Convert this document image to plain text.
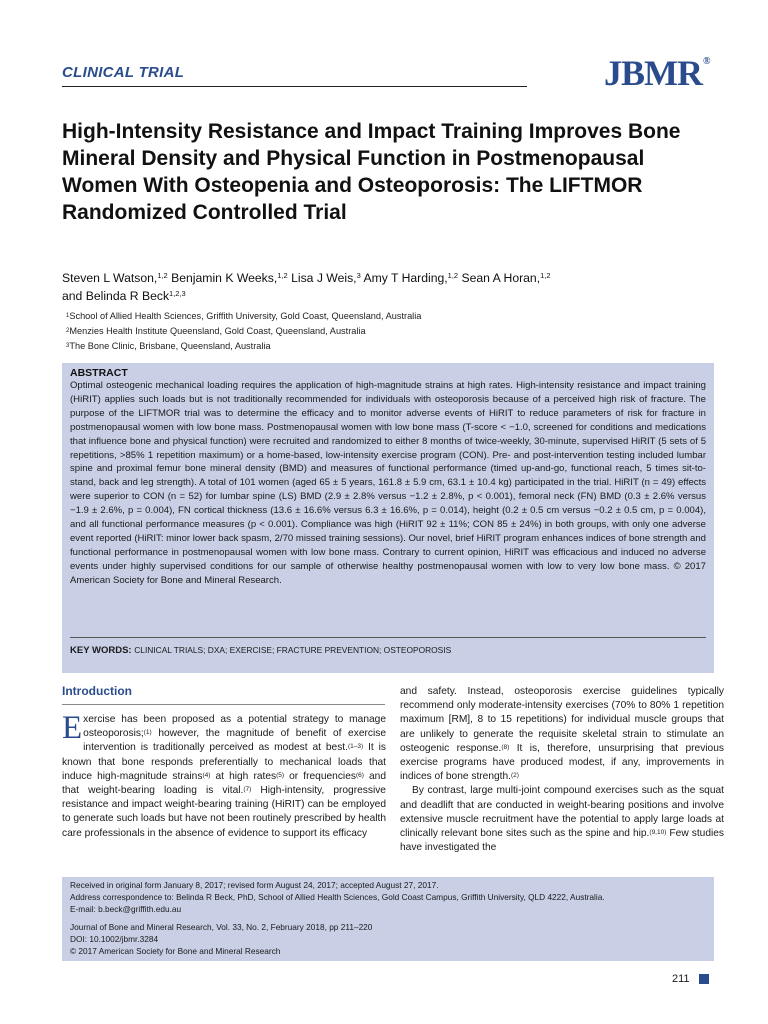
CLINICAL TRIAL	JBMR®
High-Intensity Resistance and Impact Training Improves Bone Mineral Density and Physical Function in Postmenopausal Women With Osteopenia and Osteoporosis: The LIFTMOR Randomized Controlled Trial
Steven L Watson,$^{1,2}$ Benjamin K Weeks,$^{1,2}$ Lisa J Weis,$^3$ Amy T Harding,$^{1,2}$ Sean A Horan,$^{1,2}$
and Belinda R Beck$^{1,2,3}$
$^1$School of Allied Health Sciences, Griffith University, Gold Coast, Queensland, Australia
$^2$Menzies Health Institute Queensland, Gold Coast, Queensland, Australia
$^3$The Bone Clinic, Brisbane, Queensland, Australia
ABSTRACT

Optimal osteogenic mechanical loading requires the application of high-magnitude strains at high rates. High-intensity resistance and impact training (HiRIT) applies such loads but is not traditionally recommended for individuals with osteoporosis because of a perceived high risk of fracture. The purpose of the LIFTMOR trial was to determine the efficacy and to monitor adverse events of HiRIT to reduce parameters of risk for fracture in postmenopausal women with low bone mass. Postmenopausal women with low bone mass (T-score < −1.0, screened for conditions and medications that influence bone and physical function) were recruited and randomized to either 8 months of twice-weekly, 30-minute, supervised HiRIT (5 sets of 5 repetitions, >85% 1 repetition maximum) or a home-based, low-intensity exercise program (CON). Pre- and post-intervention testing included lumbar spine and proximal femur bone mineral density (BMD) and measures of functional performance (timed up-and-go, functional reach, 5 times sit-to-stand, back and leg strength). A total of 101 women (aged 65 ± 5 years, 161.8 ± 5.9 cm, 63.1 ± 10.4 kg) participated in the trial. HiRIT (n = 49) effects were superior to CON (n = 52) for lumbar spine (LS) BMD (2.9 ± 2.8% versus −1.2 ± 2.8%, p < 0.001), femoral neck (FN) BMD (0.3 ± 2.6% versus −1.9 ± 2.6%, p = 0.004), FN cortical thickness (13.6 ± 16.6% versus 6.3 ± 16.6%, p = 0.014), height (0.2 ± 0.5 cm versus −0.2 ± 0.5 cm, p = 0.004), and all functional performance measures (p < 0.001). Compliance was high (HiRIT 92 ± 11%; CON 85 ± 24%) in both groups, with only one adverse event reported (HiRIT: minor lower back spasm, 2/70 missed training sessions). Our novel, brief HiRIT program enhances indices of bone strength and functional performance in postmenopausal women with low bone mass. Contrary to current opinion, HiRIT was efficacious and induced no adverse events under highly supervised conditions for our sample of otherwise healthy postmenopausal women with low to very low bone mass. © 2017 American Society for Bone and Mineral Research.

KEY WORDS: CLINICAL TRIALS; DXA; EXERCISE; FRACTURE PREVENTION; OSTEOPOROSIS
Introduction

Exercise has been proposed as a potential strategy to manage osteoporosis;$^{(1)}$ however, the magnitude of benefit of exercise intervention is traditionally perceived as modest at best.$^{(1-3)}$ It is known that bone responds preferentially to mechanical loads that induce high-magnitude strains$^{(4)}$ at high rates$^{(5)}$ or frequencies$^{(6)}$ and that weight-bearing loading is vital.$^{(7)}$ High-intensity, progressive resistance and impact weight-bearing training (HiRIT) can be employed to generate such loads but have not been routinely prescribed by health care professionals in the absence of evidence to support its efficacy

and safety. Instead, osteoporosis exercise guidelines typically recommend only moderate-intensity exercises (70% to 80% 1 repetition maximum [RM], 8 to 15 repetitions) for individual muscle groups that are unlikely to generate the requisite skeletal strain to stimulate an osteogenic response.$^{(8)}$ It is, therefore, unsurprising that previous exercise programs have produced modest, if any, improvements in indices of bone strength.$^{(2)}$

By contrast, large multi-joint compound exercises such as the squat and deadlift that are conducted in weight-bearing positions and involve extensive muscle recruitment have the potential to apply large loads at clinically relevant bone sites such as the spine and hip.$^{(9,10)}$ Few studies have investigated the

Received in original form January 8, 2017; revised form August 24, 2017; accepted August 27, 2017.
Address correspondence to: Belinda R Beck, PhD, School of Allied Health Sciences, Gold Coast Campus, Griffith University, QLD 4222, Australia.
E-mail: b.beck@griffith.edu.au
Journal of Bone and Mineral Research, Vol. 33, No. 2, February 2018, pp 211–220
DOI: 10.1002/jbmr.3284
© 2017 American Society for Bone and Mineral Research
211
